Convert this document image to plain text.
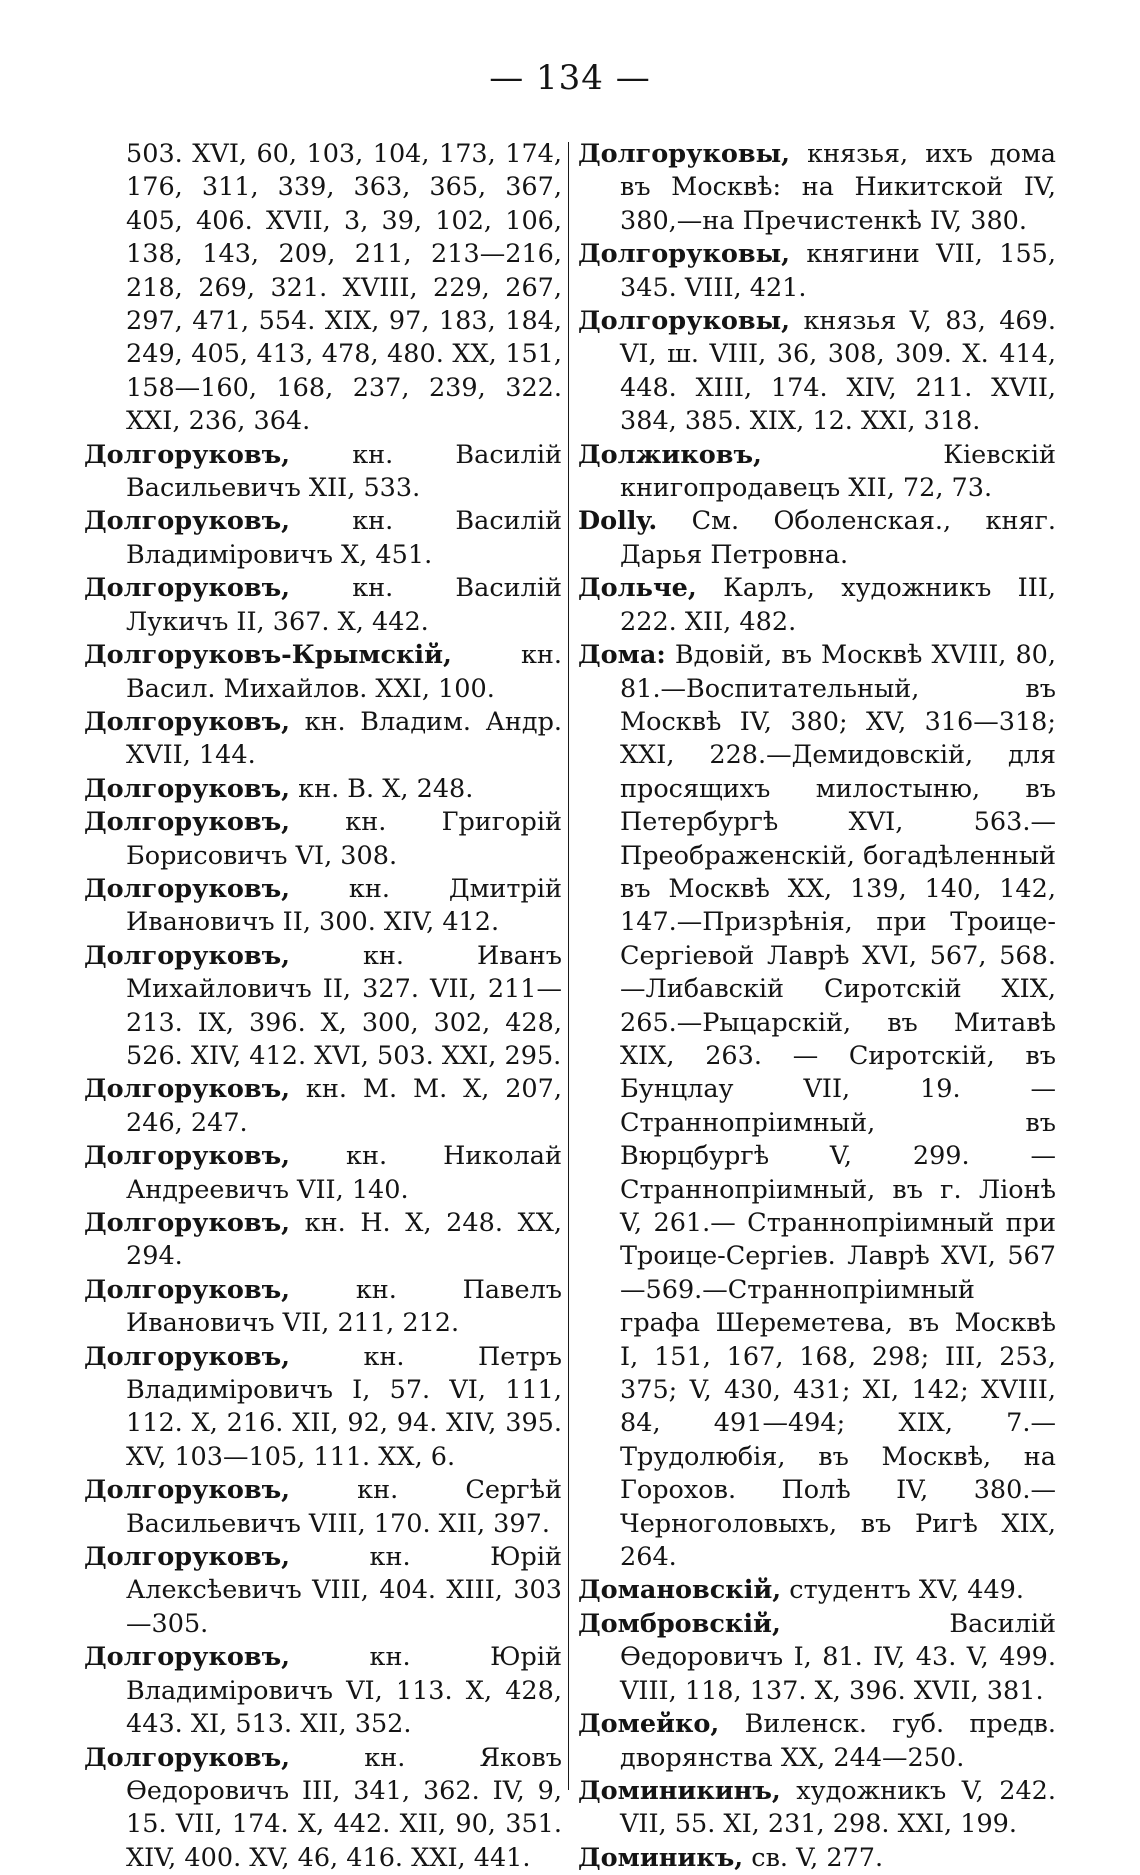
— 134 —

503. XVI, 60, 103, 104, 173, 174, 176, 311, 339, 363, 365, 367, 405, 406. XVII, 3, 39, 102, 106, 138, 143, 209, 211, 213—216, 218, 269, 321. XVIII, 229, 267, 297, 471, 554. XIX, 97, 183, 184, 249, 405, 413, 478, 480. XX, 151, 158—160, 168, 237, 239, 322. XXI, 236, 364.

Долгоруковъ, кн. Василій Васильевичъ XII, 533.

Долгоруковъ, кн. Василій Владиміровичъ X, 451.

Долгоруковъ, кн. Василій Лукичъ II, 367. X, 442.

Долгоруковъ-Крымскій,	кн. Васил. Михайлов. XXI, 100.

Долгоруковъ, кн. Владим. Андр. XVII, 144.

Долгоруковъ, кн. В. X, 248.

Долгоруковъ, кн. Григорій Борисовичъ VI, 308.

Долгоруковъ, кн. Дмитрій Ивановичъ II, 300. XIV, 412.

Долгоруковъ,	кн. Иванъ Михайловичъ II, 327. VII, 211—213. IX, 396. X, 300, 302, 428, 526. XIV, 412. XVI, 503. XXI, 295.

Долгоруковъ, кн. М. М. X, 207, 246, 247.

Долгоруковъ, кн. Николай Андреевичъ VII, 140.

Долгоруковъ, кн. Н. X, 248. XX, 294.

Долгоруковъ,	кн. Павелъ Ивановичъ VII, 211, 212.

Долгоруковъ,	кн. Петръ Владиміровичъ I, 57. VI, 111, 112. X, 216. XII, 92, 94. XIV, 395. XV, 103—105, 111. XX, 6.

Долгоруковъ,	кн. Сергѣй Васильевичъ VIII, 170. XII, 397.

Долгоруковъ,	кн. Юрій Алексѣевичъ VIII, 404. XIII, 303—305.

Долгоруковъ,	кн. Юрій Владиміровичъ VI, 113. X, 428, 443. XI, 513. XII, 352.

Долгоруковъ,	кн. Яковъ Ѳедоровичъ III, 341, 362. IV, 9, 15. VII, 174. X, 442. XII, 90, 351. XIV, 400. XV, 46, 416. XXI, 441.

Долгоруковы, князья, ихъ дома въ Москвѣ: на Никитской IV, 380,—на Пречистенкѣ IV, 380.

Долгоруковы, княгини VII, 155, 345. VIII, 421.

Долгоруковы, князья V, 83, 469. VI, ш. VIII, 36, 308, 309. X. 414, 448. XIII, 174. XIV, 211. XVII, 384, 385. XIX, 12. XXI, 318.

Должиковъ,	Кіевскій книгопродавецъ XII, 72, 73.

Dolly. См. Оболенская., княг. Дарья Петровна.

Дольче, Карлъ, художникъ III, 222. XII, 482.

Дома: Вдовій, въ Москвѣ XVIII, 80, 81.—Воспитательный, въ Москвѣ IV, 380; XV, 316—318; XXI, 228.—Демидовскій, для просящихъ милостыню, въ Петербургѣ XVI, 563.—Преображенскій, богадѣленный въ Москвѣ XX, 139, 140, 142, 147.—Призрѣнія, при Троице-Сергіевой Лаврѣ XVI, 567, 568.—Либавскій Сиротскій XIX, 265.—Рыцарскій, въ Митавѣ XIX, 263. — Сиротскій, въ Бунцлау VII, 19. — Страннопріимный, въ Вюрцбургѣ V, 299. — Страннопріимный, въ г. Ліонѣ V, 261.— Страннопріимный при Троице-Сергіев. Лаврѣ XVI, 567—569.—Страннопріимный графа Шереметева, въ Москвѣ I, 151, 167, 168, 298; III, 253, 375; V, 430, 431; XI, 142; XVIII, 84, 491—494; XIX, 7.—Трудолюбія, въ Москвѣ, на Горохов. Полѣ IV, 380.—Черноголовыхъ, въ Ригѣ XIX, 264.

Домановскій, студентъ XV, 449.

Домбровскій,	Василій Ѳедоровичъ I, 81. IV, 43. V, 499. VIII, 118, 137. X, 396. XVII, 381.

Домейко, Виленск. губ. предв. дворянства XX, 244—250.

Доминикинъ, художникъ V, 242. VII, 55. XI, 231, 298. XXI, 199.

Доминикъ, св. V, 277.
